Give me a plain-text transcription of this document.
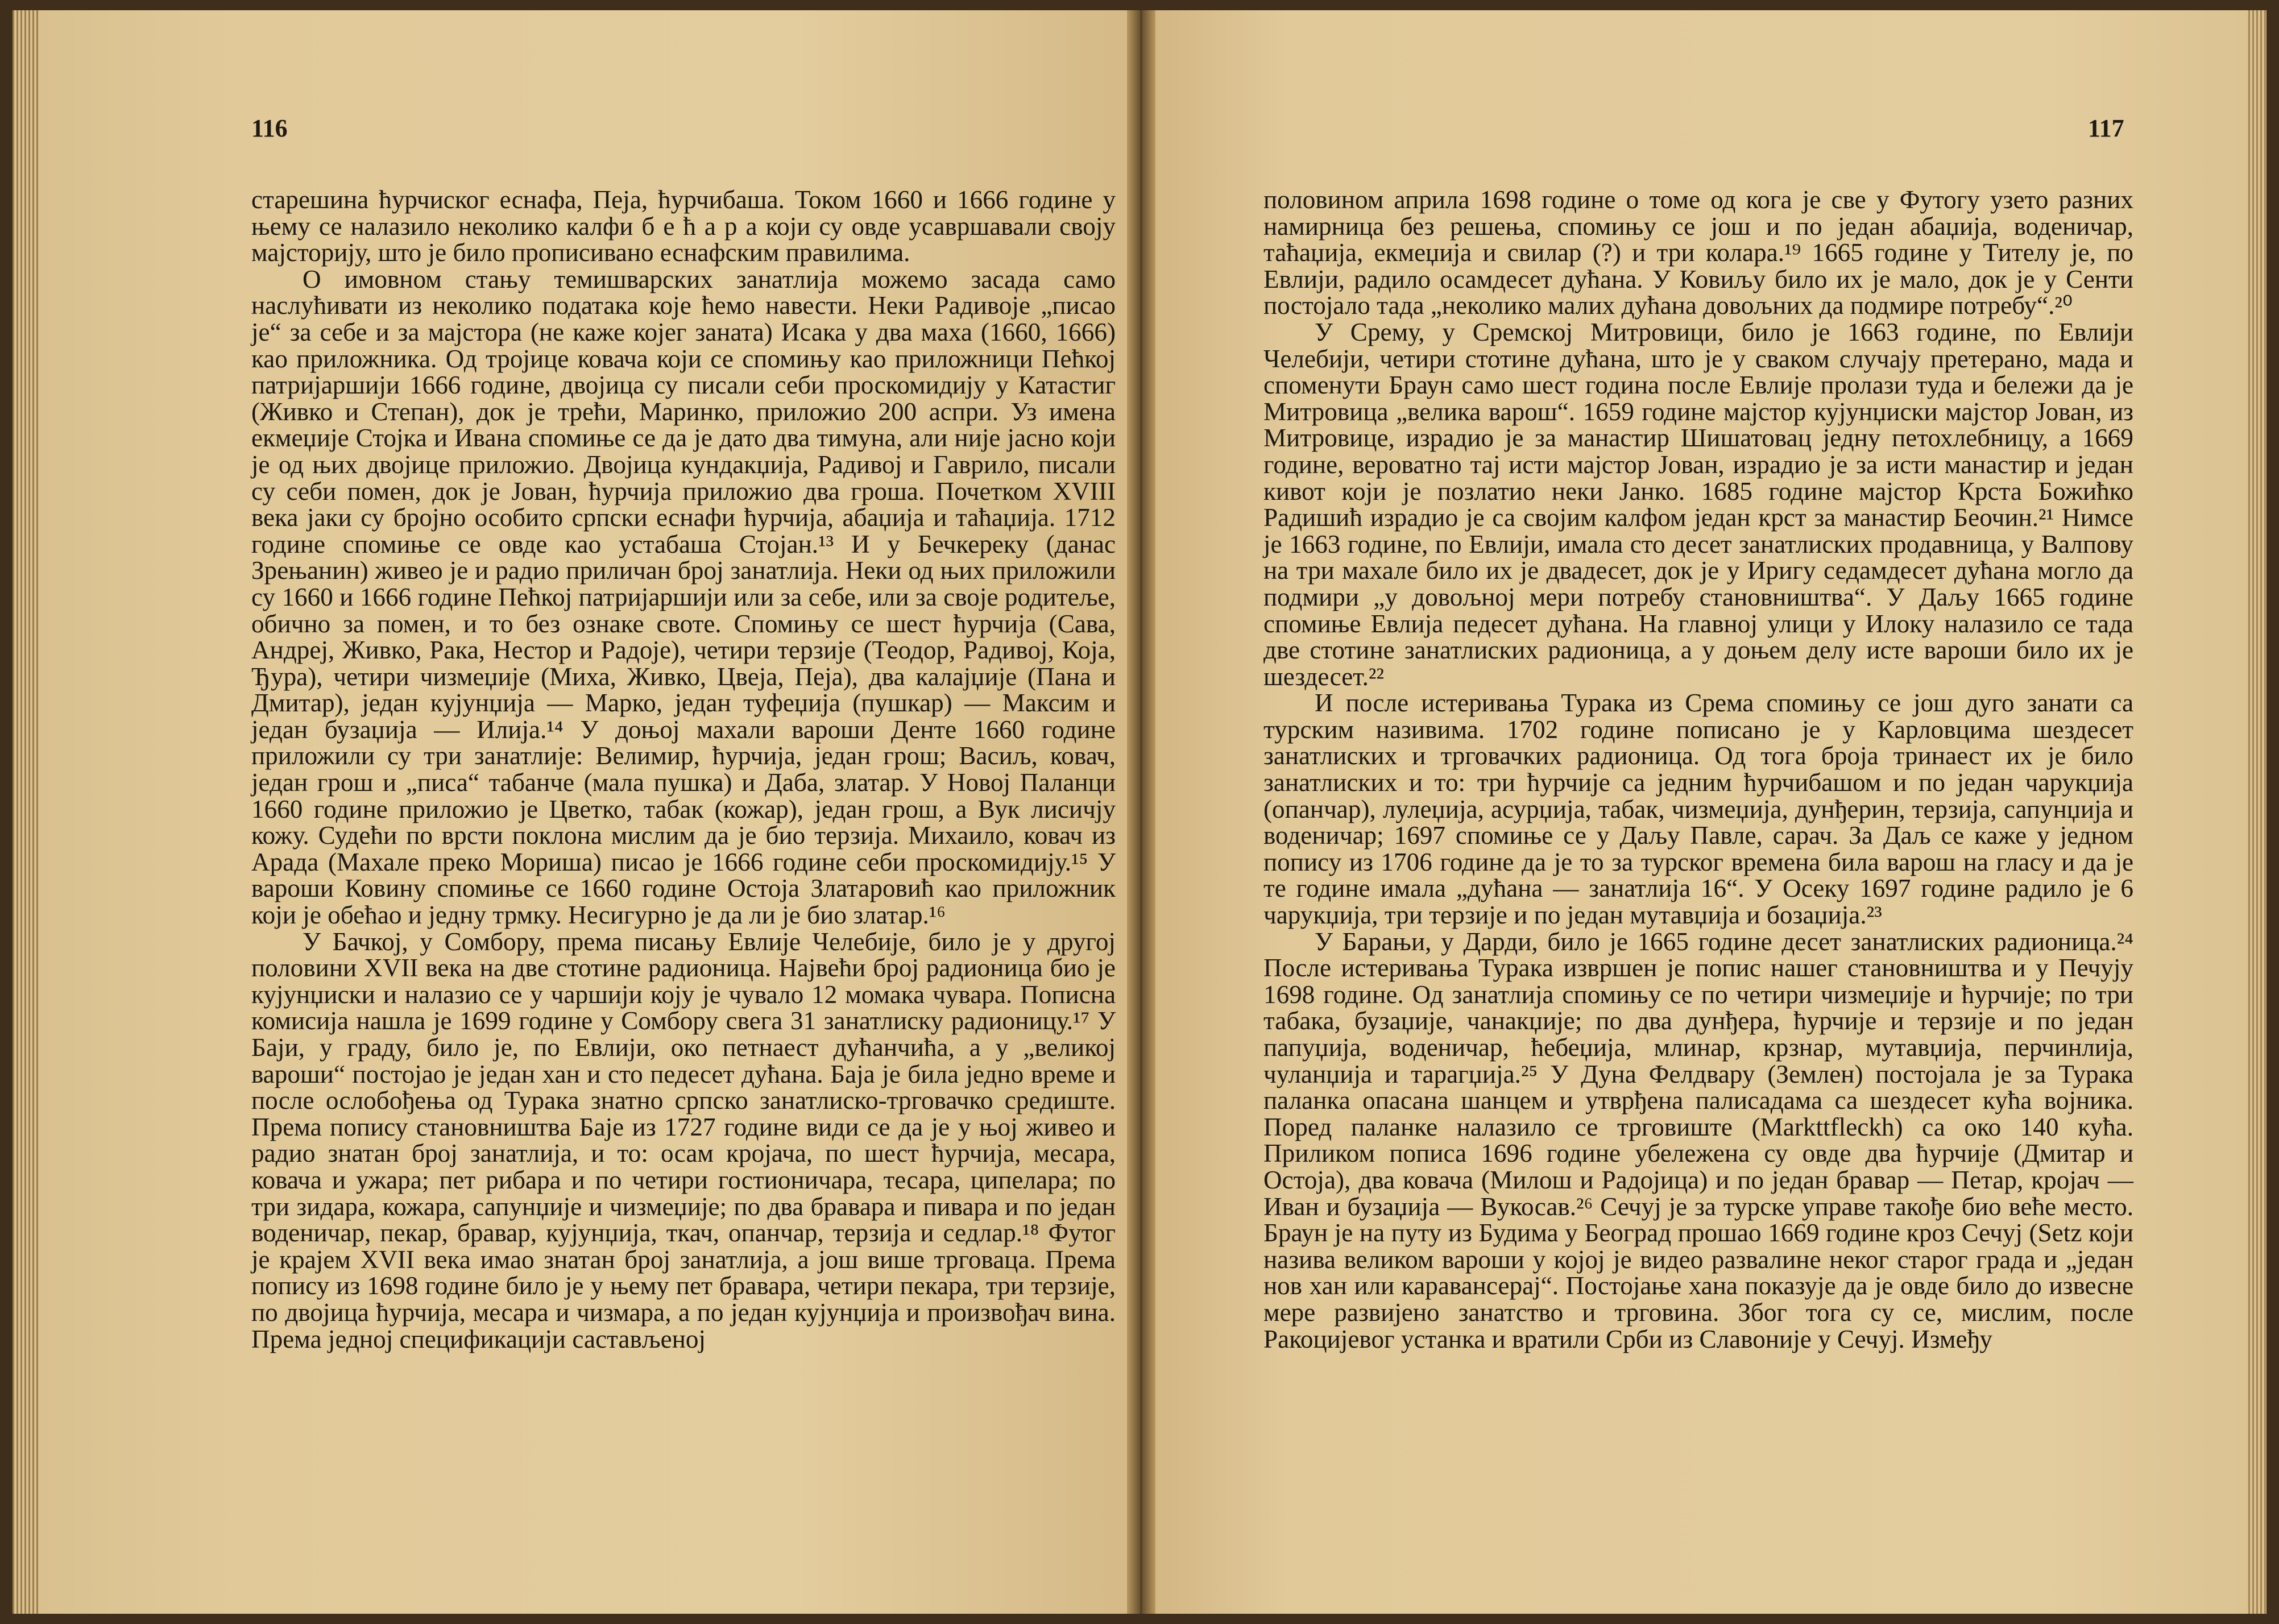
116

старешина ћурчиског еснафа, Пеја, ћурчибаша. Током 1660 и 1666 године у њему се налазило неколико калфи б е ћ а р а који су овде усавршавали своју мајсторију, што је било прописивано еснафским правилима.

О имовном стању темишварских занатлија можемо засада само наслућивати из неколико података које ћемо навести. Неки Радивоје „писао је“ за себе и за мајстора (не каже којег заната) Исака у два маха (1660, 1666) као приложника. Од тројице ковача који се спомињу као приложници Пећкој патријаршији 1666 године, двојица су писали себи проскомидију у Катастиг (Живко и Степан), док је трећи, Маринко, приложио 200 аспри. Уз имена екмеџије Стојка и Ивана спомиње се да је дато два тимуна, али није јасно који је од њих двојице приложио. Двојица кундакџија, Радивој и Гаврило, писали су себи помен, док је Јован, ћурчија приложио два гроша. Почетком XVIII века јаки су бројно особито српски еснафи ћурчија, абаџија и таћаџија. 1712 године спомиње се овде као устабаша Стојан.¹³ И у Бечкереку (данас Зрењанин) живео је и радио приличан број занатлија. Неки од њих приложили су 1660 и 1666 године Пећкој патријаршији или за себе, или за своје родитеље, обично за помен, и то без ознаке своте. Спомињу се шест ћурчија (Сава, Андреј, Живко, Рака, Нестор и Радоје), четири терзије (Теодор, Радивој, Која, Ђура), четири чизмеџије (Миха, Живко, Цвеја, Пеја), два калајџије (Пана и Дмитар), један кујунџија — Марко, један туфеџија (пушкар) — Максим и један бузаџија — Илија.¹⁴ У доњој махали вароши Денте 1660 године приложили су три занатлије: Велимир, ћурчија, један грош; Васиљ, ковач, један грош и „писа“ табанче (мала пушка) и Даба, златар. У Новој Паланци 1660 године приложио је Цветко, табак (кожар), један грош, а Вук лисичју кожу. Судећи по врсти поклона мислим да је био терзија. Михаило, ковач из Арада (Махале преко Мориша) писао је 1666 године себи проскомидију.¹⁵ У вароши Ковину спомиње се 1660 године Остоја Златаровић као приложник који је обећао и једну трмку. Несигурно је да ли је био златар.¹⁶

У Бачкој, у Сомбору, према писању Евлије Челебије, било је у другој половини XVII века на две стотине радионица. Највећи број радионица био је кујунџиски и налазио се у чаршији коју је чувало 12 момака чувара. Пописна комисија нашла је 1699 године у Сомбору свега 31 занатлиску радионицу.¹⁷ У Баји, у граду, било је, по Евлији, око петнаест дућанчића, а у „великој вароши“ постојао је један хан и сто педесет дућана. Баја је била једно време и после ослобођења од Турака знатно српско занатлиско-трговачко средиште. Према попису становништва Баје из 1727 године види се да је у њој живео и радио знатан број занатлија, и то: осам кројача, по шест ћурчија, месара, ковача и ужара; пет рибара и по четири гостионичара, тесара, ципелара; по три зидара, кожара, сапунџије и чизмеџије; по два бравара и пивара и по један воденичар, пекар, бравар, кујунџија, ткач, опанчар, терзија и седлар.¹⁸ Футог је крајем XVII века имао знатан број занатлија, а још више трговаца. Према попису из 1698 године било је у њему пет бравара, четири пекара, три терзије, по двојица ћурчија, месара и чизмара, а по један кујунџија и произвођач вина. Према једној спецификацији састављеној

117

половином априла 1698 године о томе од кога је све у Футогу узето разних намирница без решења, спомињу се још и по један абаџија, воденичар, таћаџија, екмеџија и свилар (?) и три колара.¹⁹ 1665 године у Тителу је, по Евлији, радило осамдесет дућана. У Ковиљу било их је мало, док је у Сенти постојало тада „неколико малих дућана довољних да подмире потребу“.²⁰

У Срему, у Сремској Митровици, било је 1663 године, по Евлији Челебији, четири стотине дућана, што је у сваком случају претерано, мада и споменути Браун само шест година после Евлије пролази туда и бележи да је Митровица „велика варош“. 1659 године мајстор кујунџиски мајстор Јован, из Митровице, израдио је за манастир Шишатовац једну петохлебницу, а 1669 године, вероватно тај исти мајстор Јован, израдио је за исти манастир и један кивот који је позлатио неки Јанко. 1685 године мајстор Крста Божићко Радишић израдио је са својим калфом један крст за манастир Беочин.²¹ Нимсе је 1663 године, по Евлији, имала сто десет занатлиских продавница, у Валпову на три махале било их је двадесет, док је у Иригу седамдесет дућана могло да подмири „у довољној мери потребу становништва“. У Даљу 1665 године спомиње Евлија педесет дућана. На главној улици у Илоку налазило се тада две стотине занатлиских радионица, а у доњем делу исте вароши било их је шездесет.²²

И после истеривања Турака из Срема спомињу се још дуго занати са турским називима. 1702 године пописано је у Карловцима шездесет занатлиских и трговачких радионица. Од тога броја тринаест их је било занатлиских и то: три ћурчије са једним ћурчибашом и по један чарукџија (опанчар), лулеџија, асурџија, табак, чизмеџија, дунђерин, терзија, сапунџија и воденичар; 1697 спомиње се у Даљу Павле, сарач. За Даљ се каже у једном попису из 1706 године да је то за турског времена била варош на гласу и да је те године имала „дућана — занатлија 16“. У Осеку 1697 године радило је 6 чарукџија, три терзије и по један мутавџија и бозаџија.²³

У Барањи, у Дарди, било је 1665 године десет занатлиских радионица.²⁴ После истеривања Турака извршен је попис нашег становништва и у Печују 1698 године. Од занатлија спомињу се по четири чизмеџије и ћурчије; по три табака, бузаџије, чанакџије; по два дунђера, ћурчије и терзије и по један папуџија, воденичар, ћебеџија, млинар, крзнар, мутавџија, перчинлија, чуланџија и тарагџија.²⁵ У Дуна Фелдвару (Землен) постојала је за Турака паланка опасана шанцем и утврђена палисадама са шездесет кућа војника. Поред паланке налазило се трговиште (Markttfleckh) са око 140 кућа. Приликом пописа 1696 године убележена су овде два ћурчије (Дмитар и Остоја), два ковача (Милош и Радојица) и по један бравар — Петар, кројач — Иван и бузаџија — Вукосав.²⁶ Сечуј је за турске управе такође био веће место. Браун је на путу из Будима у Београд прошао 1669 године кроз Сечуј (Setz који назива великом вароши у којој је видео развалине неког старог града и „један нов хан или каравансерај“. Постојање хана показује да је овде било до извесне мере развијено занатство и трговина. Због тога су се, мислим, после Ракоцијевог устанка и вратили Срби из Славоније у Сечуј. Између
